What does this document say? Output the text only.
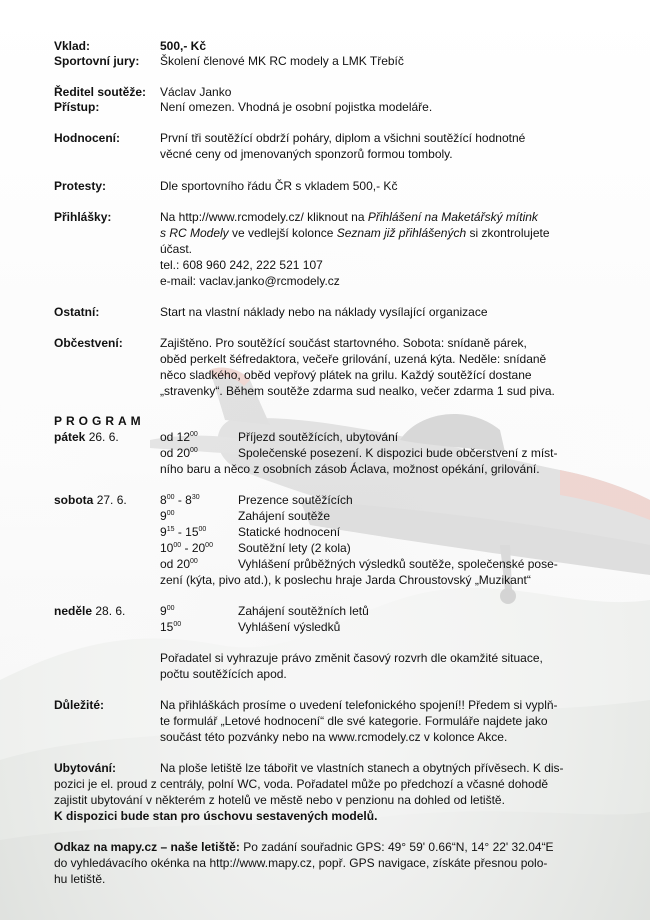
Vklad:	500,- Kč
Sportovní jury: Školení členové MK RC modely a LMK Třebíč
Ředitel soutěže: Václav Janko
Přístup:	Není omezen. Vhodná je osobní pojistka modeláře.
Hodnocení:	První tři soutěžící obdrží poháry, diplom a všichni soutěžící hodnotné
věcné ceny od jmenovaných sponzorů formou tomboly.
Protesty:	Dle sportovního řádu ČR s vkladem 500,- Kč
Přihlášky:	Na http://www.rcmodely.cz/ kliknout na Přihlášení na Maketářský mítink
s RC Modely ve vedlejší kolonce Seznam již přihlášených si zkontrolujete
účast.
tel.: 608 960 242, 222 521 107
e-mail: vaclav.janko@rcmodely.cz
Ostatní:	Start na vlastní náklady nebo na náklady vysílající organizace
Občestvení:	Zajištěno. Pro soutěžící součást startovného. Sobota: snídaně párek,
oběd perkelt šéfredaktora, večeře grilování, uzená kýta. Neděle: snídaně
něco sladkého, oběd vepřový plátek na grilu. Každý soutěžící dostane
„stravenky“. Během soutěže zdarma sud nealko, večer zdarma 1 sud piva.
PROGRAM
pátek 26. 6.	od $12^{00}$	Příjezd soutěžících, ubytování
od $20^{00}$	Společenské posezení. K dispozici bude občerstvení z míst-
ního baru a něco z osobních zásob Áclava, možnost opékání, grilování.
sobota 27. 6.	$8^{00} - 8^{30}$	Prezence soutěžících
$9^{00}$	Zahájení soutěže
$9^{15} - 15^{00}$	Statické hodnocení
$10^{00} - 20^{00}$ Soutěžní lety (2 kola)
od $20^{00}$	Vyhlášení průběžných výsledků soutěže, společenské pose-
zení (kýta, pivo atd.), k poslechu hraje Jarda Chroustovský „Muzikant“
neděle 28. 6.	$9^{00}$	Zahájení soutěžních letů
$15^{00}$	Vyhlášení výsledků
Pořadatel si vyhrazuje právo změnit časový rozvrh dle okamžité situace,
počtu soutěžících apod.
Důležité:	Na přihláškách prosíme o uvedení telefonického spojení!! Předem si vyplň-
te formulář „Letové hodnocení“ dle své kategorie. Formuláře najdete jako
součást této pozvánky nebo na www.rcmodely.cz v kolonce Akce.
Ubytování:	Na ploše letiště lze tábořit ve vlastních stanech a obytných přívěsech. K dis-
pozici je el. proud z centrály, polní WC, voda. Pořadatel může po předchozí a včasné dohodě
zajistit ubytování v některém z hotelů ve městě nebo v penzionu na dohled od letiště.
K dispozici bude stan pro úschovu sestavených modelů.
Odkaz na mapy.cz – naše letiště: Po zadání souřadnic GPS: 49° 59' 0.66“N, 14° 22' 32.04“E
do vyhledávacího okénka na http://www.mapy.cz, popř. GPS navigace, získáte přesnou polo-
hu letiště.
